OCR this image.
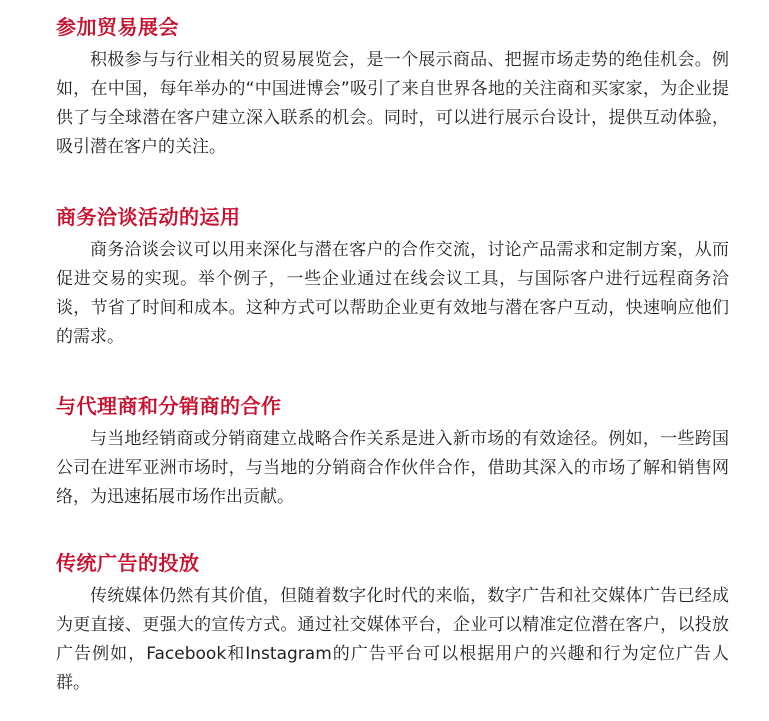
参加贸易展会

积极参与与行业相关的贸易展览会，是一个展示商品、把握市场走势的绝佳机会。例如，在中国，每年举办的“中国进博会”吸引了来自世界各地的关注商和买家家，为企业提供了与全球潜在客户建立深入联系的机会。同时，可以进行展示台设计，提供互动体验，吸引潜在客户的关注。

商务洽谈活动的运用

商务洽谈会议可以用来深化与潜在客户的合作交流，讨论产品需求和定制方案，从而促进交易的实现。举个例子，一些企业通过在线会议工具，与国际客户进行远程商务洽谈，节省了时间和成本。这种方式可以帮助企业更有效地与潜在客户互动，快速响应他们的需求。

与代理商和分销商的合作

与当地经销商或分销商建立战略合作关系是进入新市场的有效途径。例如，一些跨国公司在进军亚洲市场时，与当地的分销商合作伙伴合作，借助其深入的市场了解和销售网络，为迅速拓展市场作出贡献。

传统广告的投放

传统媒体仍然有其价值，但随着数字化时代的来临，数字广告和社交媒体广告已经成为更直接、更强大的宣传方式。通过社交媒体平台，企业可以精准定位潜在客户，以投放广告例如，Facebook和Instagram的广告平台可以根据用户的兴趣和行为定位广告人群。
